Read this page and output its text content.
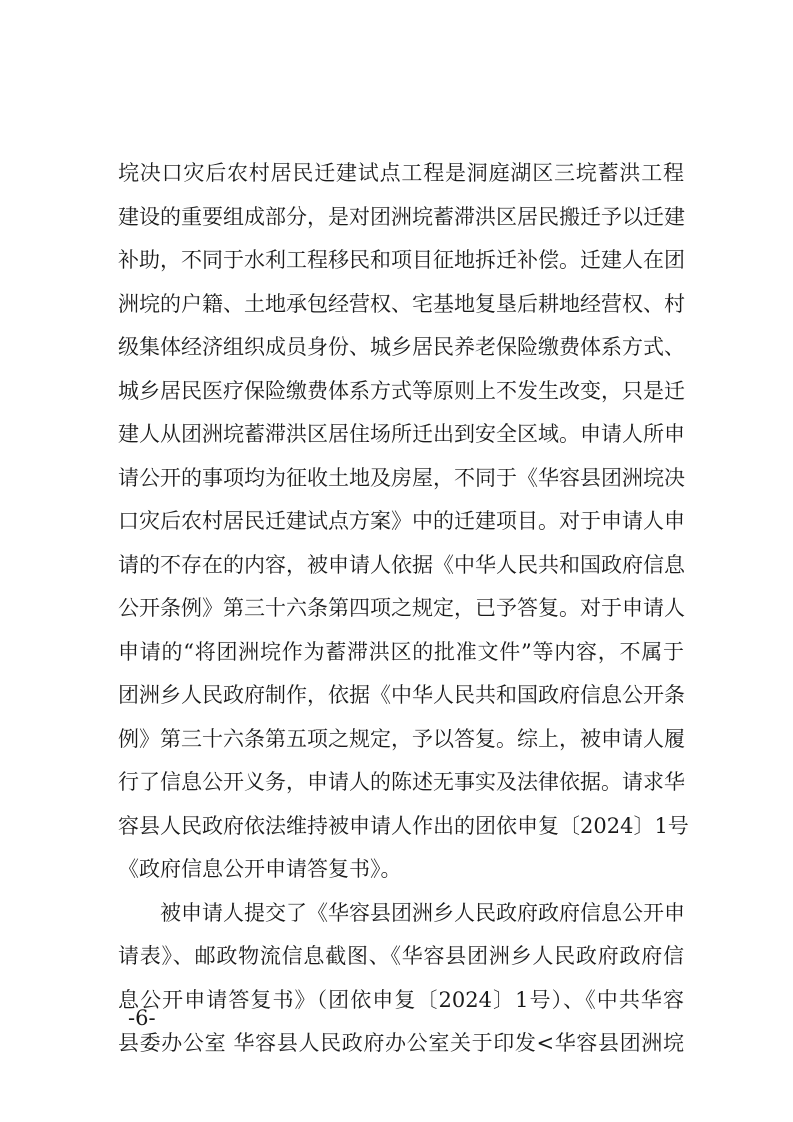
垸决口灾后农村居民迁建试点工程是洞庭湖区三垸蓄洪工程
建设的重要组成部分，是对团洲垸蓄滞洪区居民搬迁予以迁建
补助，不同于水利工程移民和项目征地拆迁补偿。迁建人在团
洲垸的户籍、土地承包经营权、宅基地复垦后耕地经营权、村
级集体经济组织成员身份、城乡居民养老保险缴费体系方式、
城乡居民医疗保险缴费体系方式等原则上不发生改变，只是迁
建人从团洲垸蓄滞洪区居住场所迁出到安全区域。申请人所申
请公开的事项均为征收土地及房屋，不同于《华容县团洲垸决
口灾后农村居民迁建试点方案》中的迁建项目。对于申请人申
请的不存在的内容，被申请人依据《中华人民共和国政府信息
公开条例》第三十六条第四项之规定，已予答复。对于申请人
申请的“将团洲垸作为蓄滞洪区的批准文件”等内容，不属于
团洲乡人民政府制作，依据《中华人民共和国政府信息公开条
例》第三十六条第五项之规定，予以答复。综上，被申请人履
行了信息公开义务，申请人的陈述无事实及法律依据。请求华
容县人民政府依法维持被申请人作出的团依申复〔2024〕1号
《政府信息公开申请答复书》。
被申请人提交了《华容县团洲乡人民政府政府信息公开申
请表》、邮政物流信息截图、《华容县团洲乡人民政府政府信
息公开申请答复书》（团依申复〔2024〕1号）、《中共华容
县委办公室 华容县人民政府办公室关于印发<华容县团洲垸
-6-
